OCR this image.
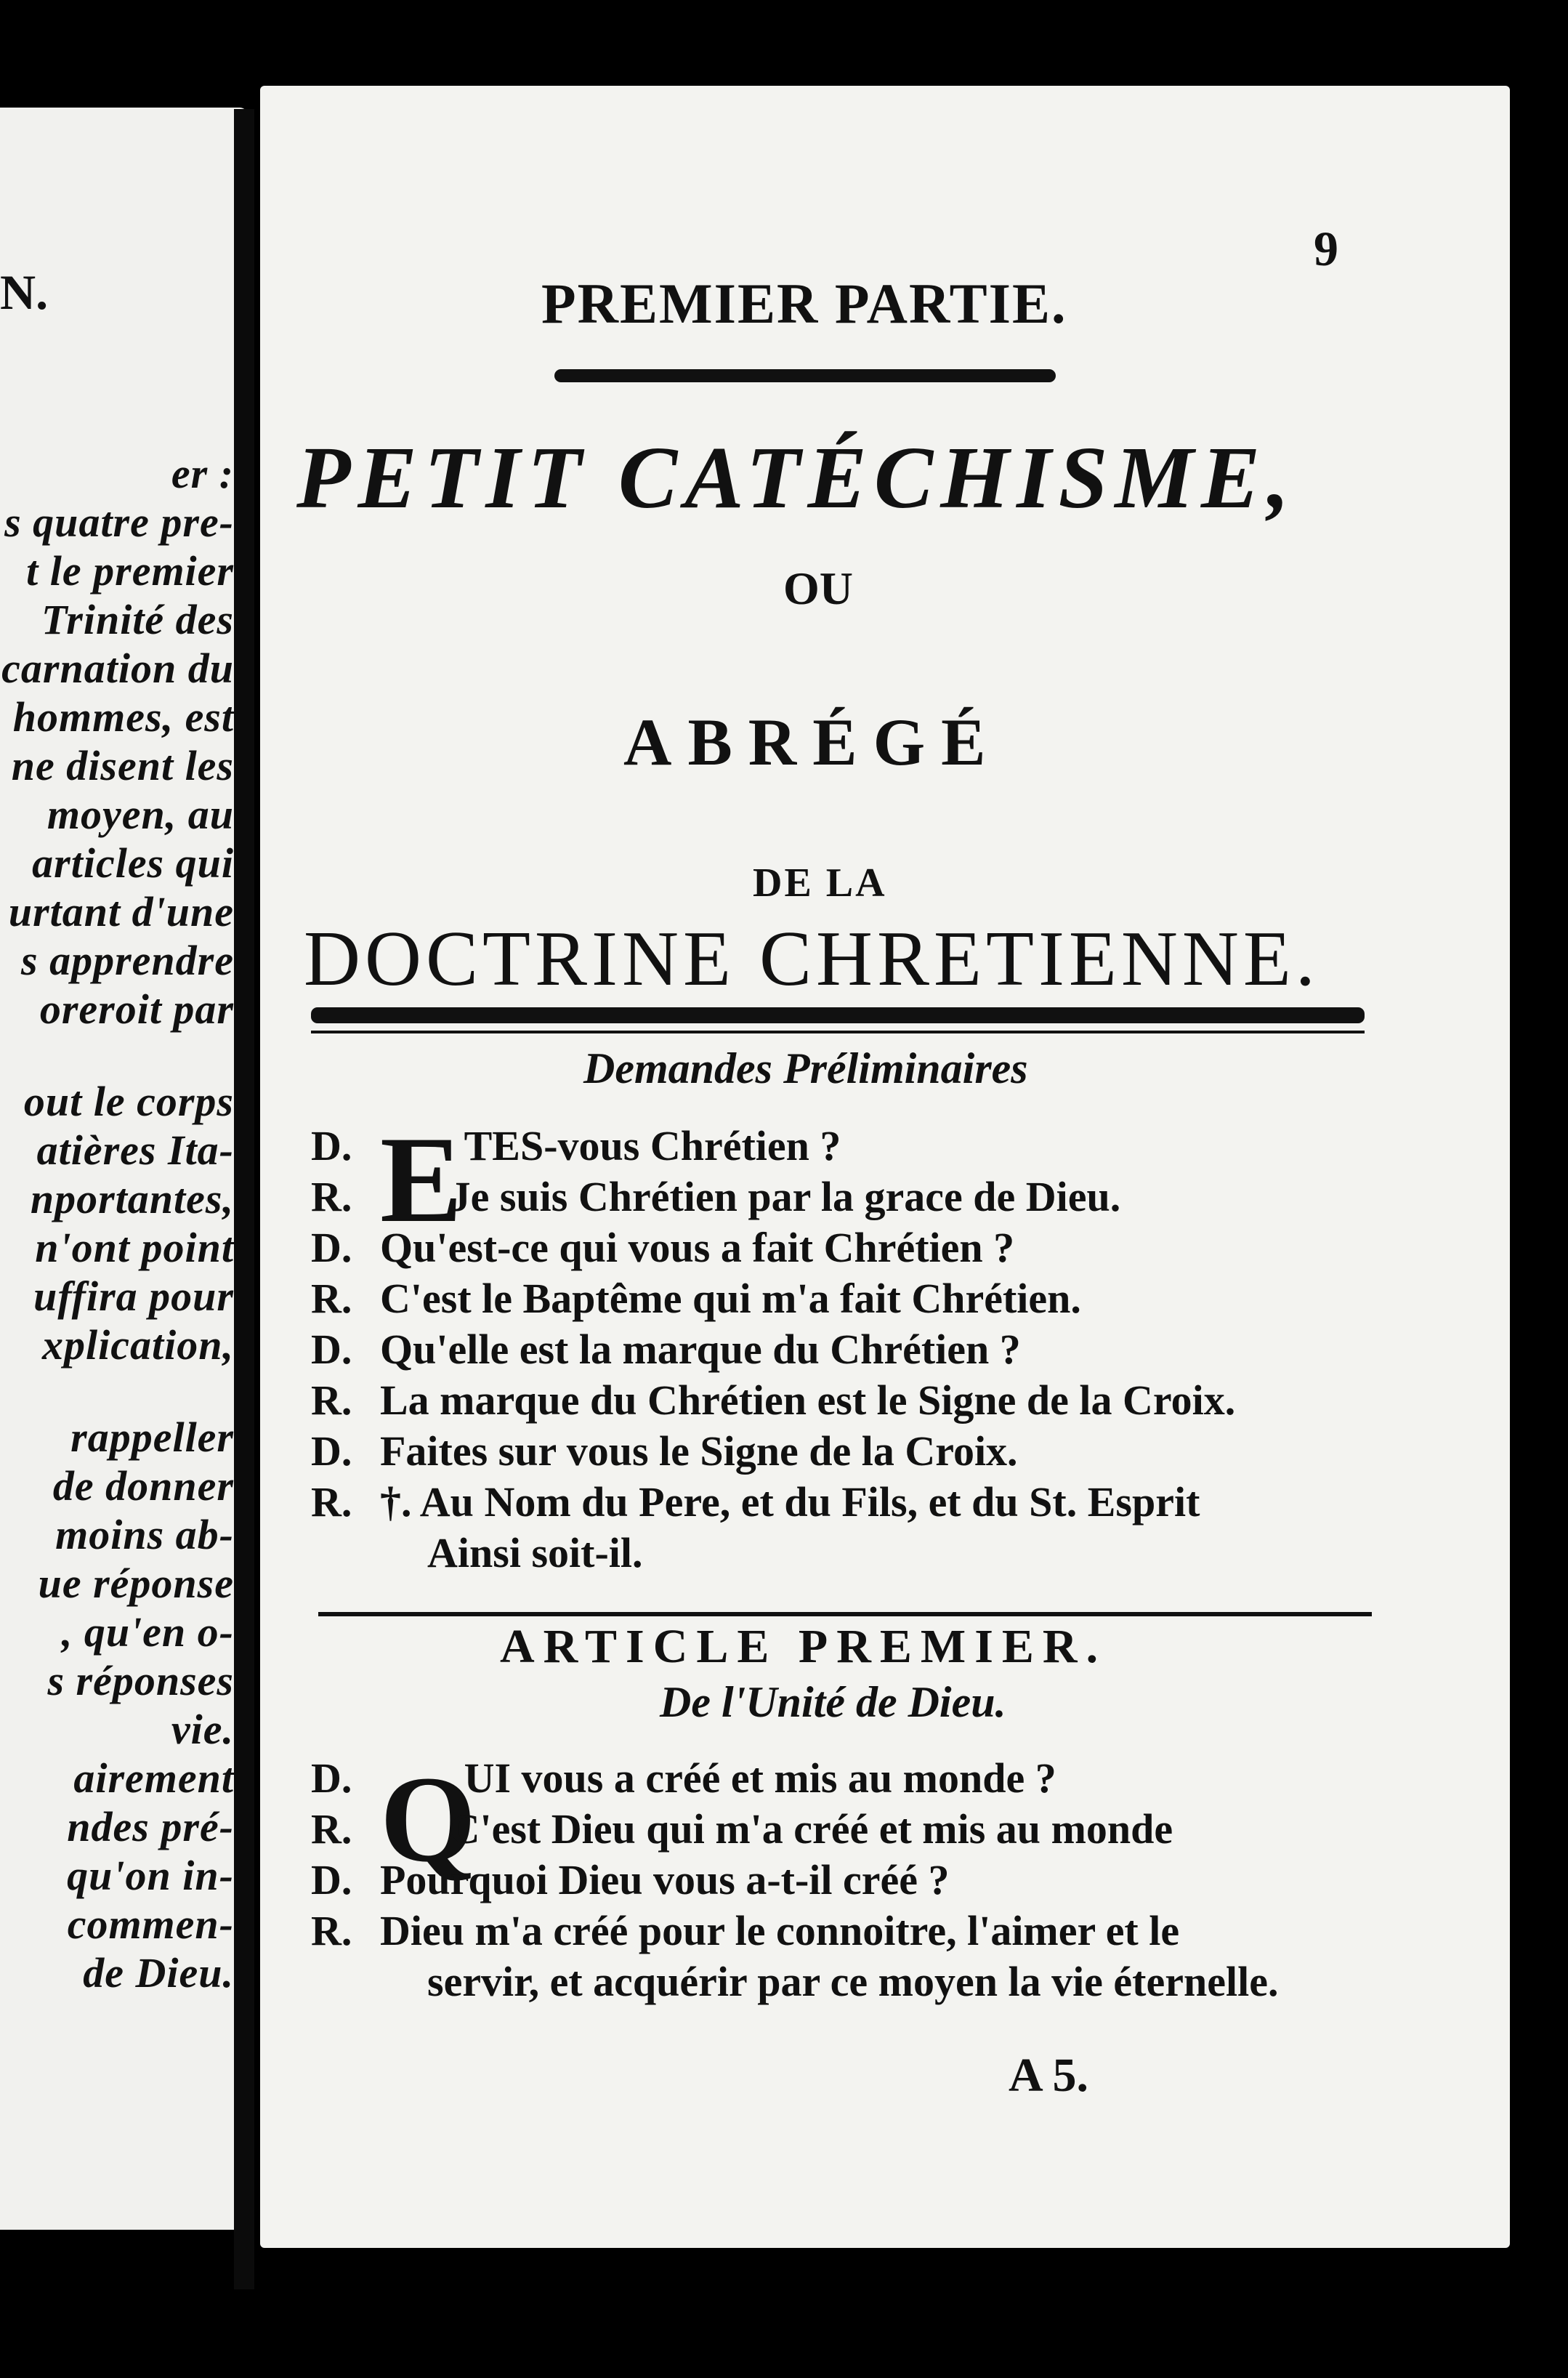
N.
er :
s quatre pre-
t le premier
Trinité des
carnation du
hommes, est
ne disent les
moyen, au
articles qui
urtant d'une
s apprendre
oreroit par
out le corps
atières Ita-
nportantes,
n'ont point
uffira pour
xplication,
rappeller
de donner
moins ab-
ue réponse
, qu'en o-
s réponses
vie.
airement
ndes pré-
qu'on in-
commen-
de Dieu.
9
PREMIER PARTIE.
PETIT CATÉCHISME,
OU
ABRÉGÉ
DE LA
DOCTRINE CHRETIENNE.
Demandes Préliminaires
D. E TES-vous Chrétien ?
R. Je suis Chrétien par la grace de Dieu.
D. Qu'est-ce qui vous a fait Chrétien ?
R. C'est le Baptême qui m'a fait Chrétien.
D. Qu'elle est la marque du Chrétien ?
R. La marque du Chrétien est le Signe de la Croix.
D. Faites sur vous le Signe de la Croix.
R. †. Au Nom du Pere, et du Fils, et du St. Esprit
Ainsi soit-il.
ARTICLE PREMIER.
De l'Unité de Dieu.
D. Q
UI vous a créé et mis au monde ?
R. C'est Dieu qui m'a créé et mis au monde
D. Pourquoi Dieu vous a-t-il créé ?
R. Dieu m'a créé pour le connoitre, l'aimer et le
servir, et acquérir par ce moyen la vie éternelle.
A 5.
